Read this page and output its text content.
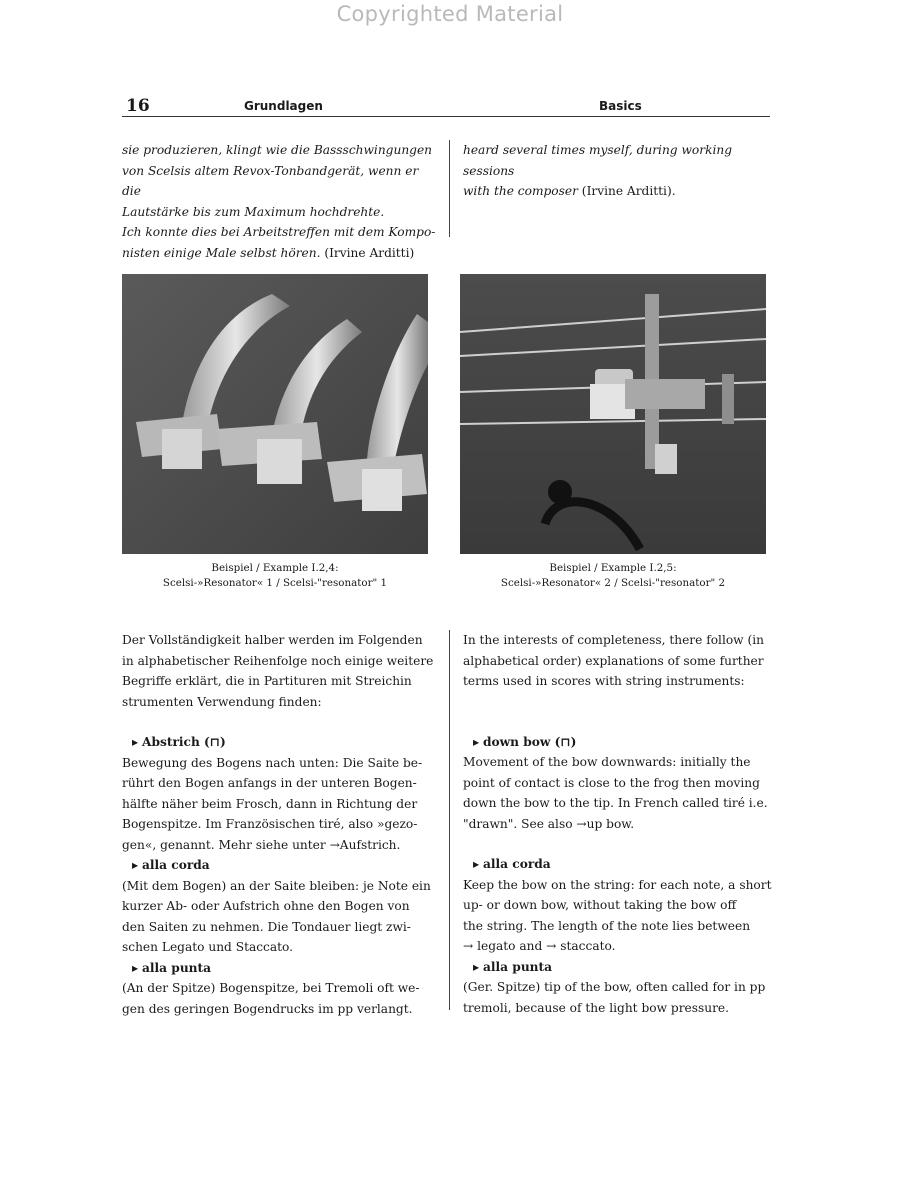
Copyrighted Material
16	Grundlagen	Basics
sie produzieren, klingt wie die Bassschwingungen
von Scelsis altem Revox-Tonbandgerät, wenn er die
Lautstärke bis zum Maximum hochdrehte.
Ich konnte dies bei Arbeitstreffen mit dem Kompo-
nisten einige Male selbst hören. (Irvine Arditti)
heard several times myself, during working sessions
with the composer (Irvine Arditti).
Beispiel / Example I.2,4:
Scelsi-»Resonator« 1 / Scelsi-"resonator" 1
Beispiel / Example I.2,5:
Scelsi-»Resonator« 2 / Scelsi-"resonator" 2
Der Vollständigkeit halber werden im Folgenden
in alphabetischer Reihenfolge noch einige weitere
Begriffe erklärt, die in Partituren mit Streichin
strumenten Verwendung finden:
▸ Abstrich (⊓)
Bewegung des Bogens nach unten: Die Saite be-
rührt den Bogen anfangs in der unteren Bogen-
hälfte näher beim Frosch, dann in Richtung der
Bogenspitze. Im Französischen tiré, also »gezo-
gen«, genannt. Mehr siehe unter →Aufstrich.
▸ alla corda
(Mit dem Bogen) an der Saite bleiben: je Note ein
kurzer Ab- oder Aufstrich ohne den Bogen von
den Saiten zu nehmen. Die Tondauer liegt zwi-
schen Legato und Staccato.
▸ alla punta
(An der Spitze) Bogenspitze, bei Tremoli oft we-
gen des geringen Bogendrucks im pp verlangt.
In the interests of completeness, there follow (in
alphabetical order) explanations of some further
terms used in scores with string instruments:
▸ down bow (⊓)
Movement of the bow downwards: initially the
point of contact is close to the frog then moving
down the bow to the tip. In French called tiré i.e.
"drawn". See also →up bow.
▸ alla corda
Keep the bow on the string: for each note, a short
up- or down bow, without taking the bow off
the string. The length of the note lies between
→ legato and → staccato.
▸ alla punta
(Ger. Spitze) tip of the bow, often called for in pp
tremoli, because of the light bow pressure.
